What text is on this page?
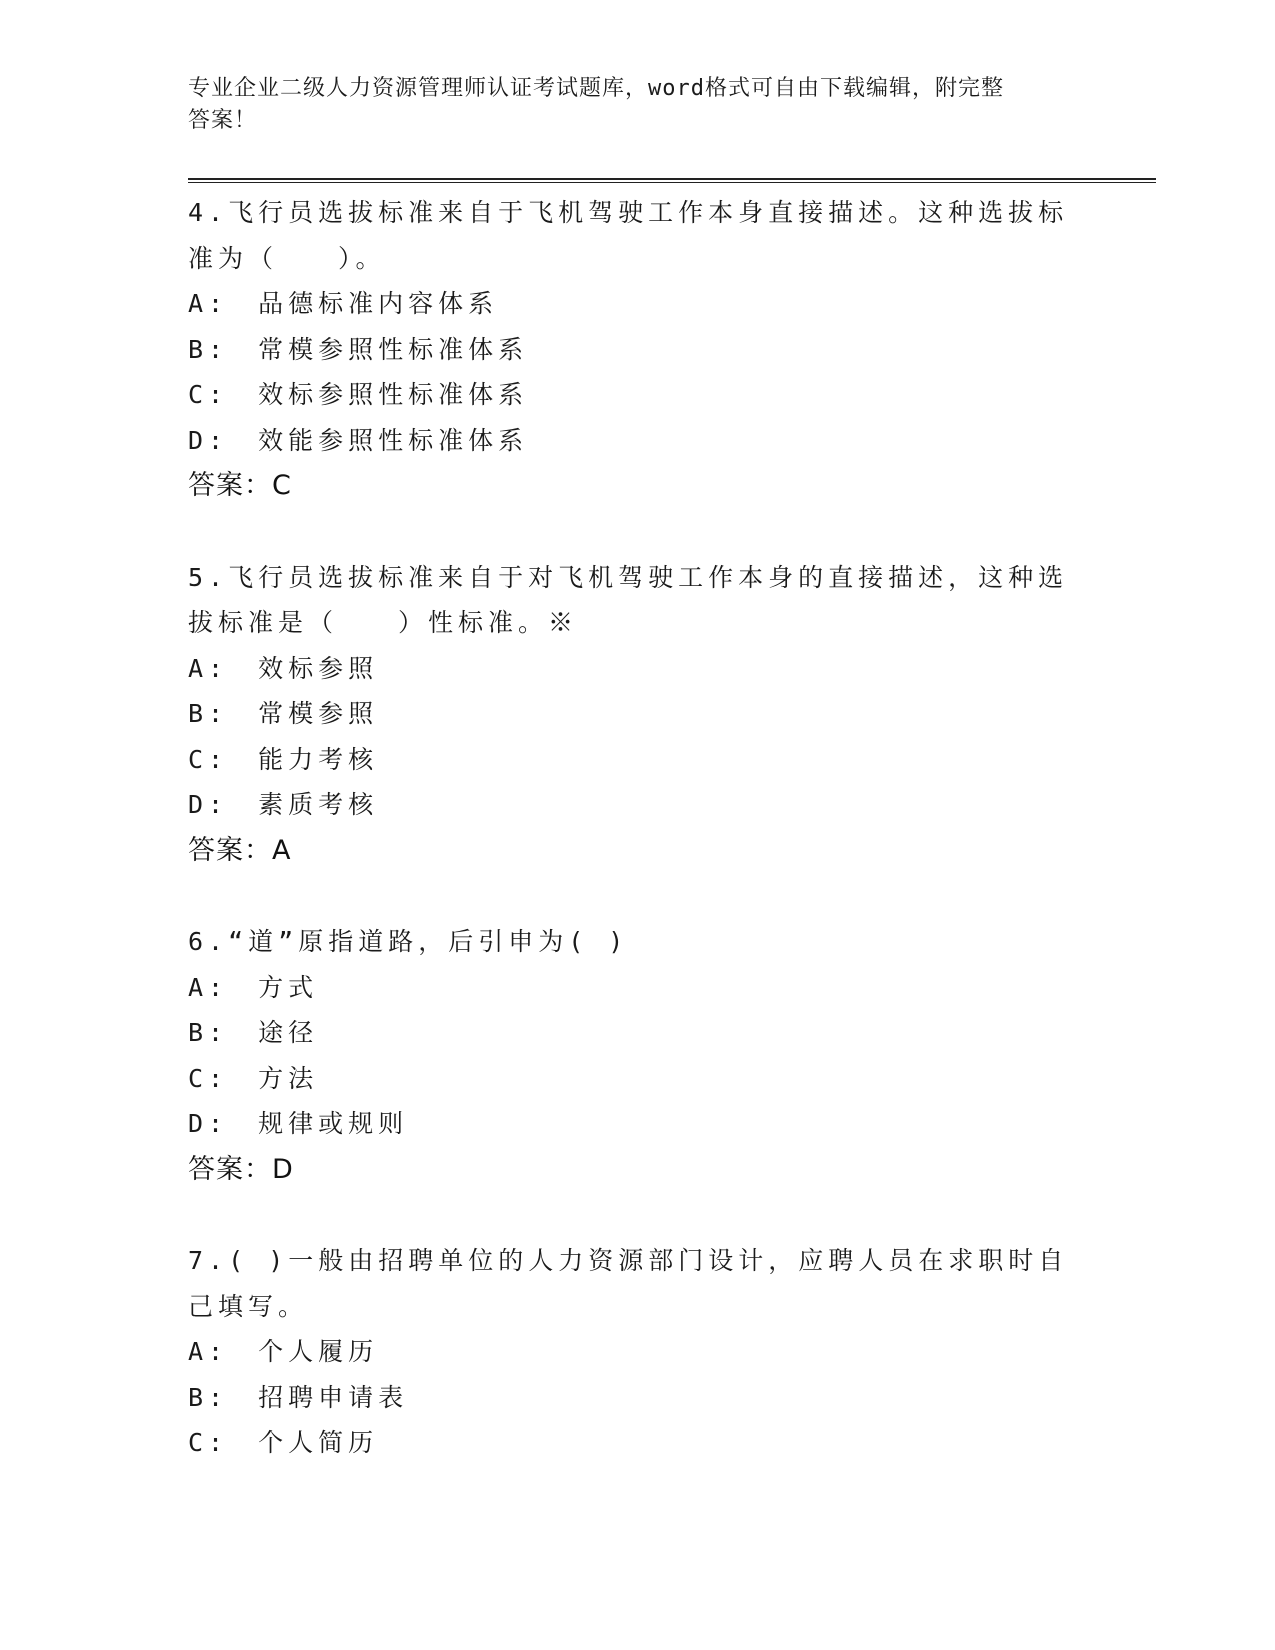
专业企业二级人力资源管理师认证考试题库，word格式可自由下载编辑，附完整
答案！
4.飞行员选拔标准来自于飞机驾驶工作本身直接描述。这种选拔标准为（　　）。
A:　品德标准内容体系
B:　常模参照性标准体系
C:　效标参照性标准体系
D:　效能参照性标准体系
答案：C
5.飞行员选拔标准来自于对飞机驾驶工作本身的直接描述，这种选拔标准是（　　）性标准。※
A:　效标参照
B:　常模参照
C:　能力考核
D:　素质考核
答案：A
6.“道”原指道路，后引申为( )
A:　方式
B:　途径
C:　方法
D:　规律或规则
答案：D
7.( )一般由招聘单位的人力资源部门设计，应聘人员在求职时自己填写。
A:　个人履历
B:　招聘申请表
C:　个人简历
